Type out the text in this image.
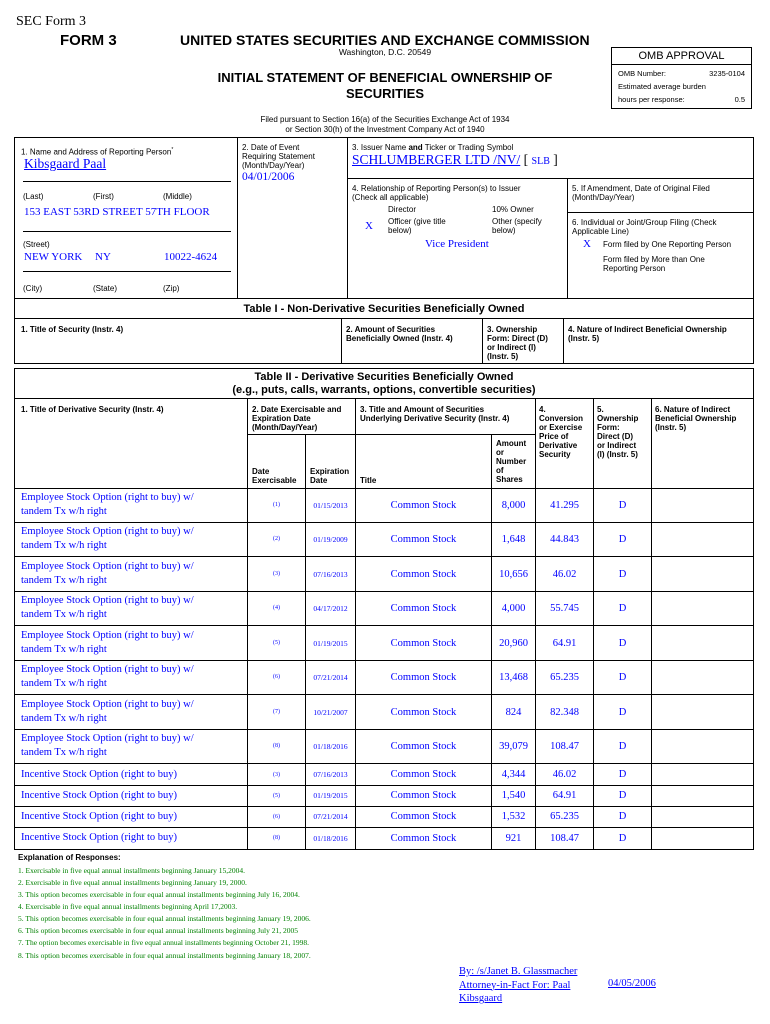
SEC Form 3
FORM 3	UNITED STATES SECURITIES AND EXCHANGE COMMISSION
Washington, D.C. 20549
INITIAL STATEMENT OF BENEFICIAL OWNERSHIP OF
SECURITIES
Filed pursuant to Section 16(a) of the Securities Exchange Act of 1934
or Section 30(h) of the Investment Company Act of 1940
OMB APPROVAL
OMB Number:	3235-0104
Estimated average burden
hours per response:	0.5
1. Name and Address of Reporting Person*
Kibsgaard Paal
(Last)	(First)	(Middle)
153 EAST 53RD STREET 57TH FLOOR
(Street)
NEW YORK NY	10022-4624
(City)	(State)	(Zip)
2. Date of Event
Requiring Statement
(Month/Day/Year)
04/01/2006
3. Issuer Name and Ticker or Trading Symbol
SCHLUMBERGER LTD /NV/ [ SLB ]
4. Relationship of Reporting Person(s) to Issuer
(Check all applicable)
Director	10% Owner
X Officer (give title
below)
Other (specify
below)
Vice President
5. If Amendment, Date of Original Filed
(Month/Day/Year)
6. Individual or Joint/Group Filing (Check
Applicable Line)
X Form filed by One Reporting Person
Form filed by More than One
Reporting Person
Table I - Non-Derivative Securities Beneficially Owned
1. Title of Security (Instr. 4)	2. Amount of Securities
Beneficially Owned (Instr. 4)
3. Ownership
Form: Direct (D)
or Indirect (I)
(Instr. 5)
4. Nature of Indirect Beneficial Ownership
(Instr. 5)
Table II - Derivative Securities Beneficially Owned
(e.g., puts, calls, warrants, options, convertible securities)
1. Title of Derivative Security (Instr. 4)	2. Date Exercisable and
Expiration Date
(Month/Day/Year)
Date
Exercisable
Expiration
Date
3. Title and Amount of Securities
Underlying Derivative Security (Instr. 4)
Title
Amount
or
Number
of
Shares
4.
Conversion
or Exercise
Price of
Derivative
Security
5.
Ownership
Form:
Direct (D)
or Indirect
(I) (Instr. 5)
6. Nature of Indirect
Beneficial Ownership
(Instr. 5)
Employee Stock Option (right to buy) w/
tandem Tx w/h right
(1)	01/15/2013	Common Stock	8,000	41.295	D
Employee Stock Option (right to buy) w/
tandem Tx w/h right
(2)	01/19/2009	Common Stock	1,648	44.843	D
Employee Stock Option (right to buy) w/
tandem Tx w/h right
(3)	07/16/2013	Common Stock	10,656	46.02	D
Employee Stock Option (right to buy) w/
tandem Tx w/h right
(4)	04/17/2012	Common Stock	4,000	55.745	D
Employee Stock Option (right to buy) w/
tandem Tx w/h right
(5)	01/19/2015	Common Stock	20,960	64.91	D
Employee Stock Option (right to buy) w/
tandem Tx w/h right
(6)	07/21/2014	Common Stock	13,468	65.235	D
Employee Stock Option (right to buy) w/
tandem Tx w/h right
(7)	10/21/2007	Common Stock	824	82.348	D
Employee Stock Option (right to buy) w/
tandem Tx w/h right
(8)	01/18/2016	Common Stock	39,079	108.47	D
Incentive Stock Option (right to buy)	(3)	07/16/2013	Common Stock	4,344	46.02	D
Incentive Stock Option (right to buy)	(5)	01/19/2015	Common Stock	1,540	64.91	D
Incentive Stock Option (right to buy)	(6)	07/21/2014	Common Stock	1,532	65.235	D
Incentive Stock Option (right to buy)	(8)	01/18/2016	Common Stock	921	108.47	D
Explanation of Responses:
1. Exercisable in five equal annual installments beginning January 15,2004.
2. Exercisable in five equal annual installments beginning January 19, 2000.
3. This option becomes exercisable in four equal annual installments beginning July 16, 2004.
4. Exercisable in five equal annual installments beginning April 17,2003.
5. This option becomes exercisable in four equal annual installments beginning January 19, 2006.
6. This option becomes exercisable in four equal annual installments beginning July 21, 2005
7. The option becomes exercisable in five equal annual installments beginning October 21, 1998.
8. This option becomes exercisable in four equal annual installments beginning January 18, 2007.
By: /s/Janet B. Glassmacher
Attorney-in-Fact For: Paal
Kibsgaard
04/05/2006
